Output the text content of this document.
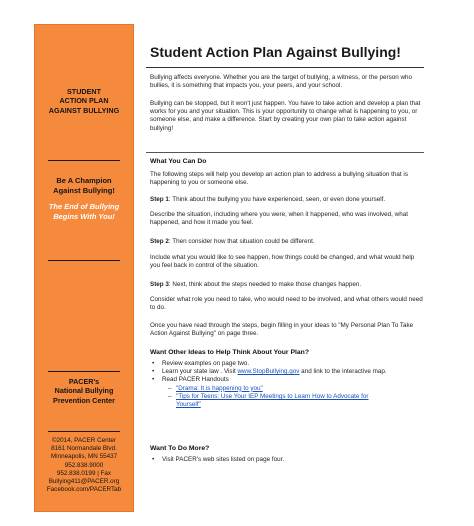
STUDENT
ACTION PLAN
AGAINST BULLYING
Be A Champion
Against Bullying!
The End of Bullying
Begins With You!
PACER's
National Bullying
Prevention Center
©2014, PACER Center
8161 Normandale Blvd.
Minneapolis, MN 55437
952.838.9000
952.838.0199 | Fax
Bullying411@PACER.org
Facebook.com/PACERTab
Student Action Plan Against Bullying!
Bullying affects everyone. Whether you are the target of bullying, a witness, or the person who bullies, it is something that impacts you, your peers, and your school.
Bullying can be stopped, but it won't just happen. You have to take action and develop a plan that works for you and your situation. This is your opportunity to change what is happening to you, or someone else, and make a difference. Start by creating your own plan to take action against bullying!
What You Can Do
The following steps will help you develop an action plan to address a bullying situation that is happening to you or someone else.
Step 1: Think about the bullying you have experienced, seen, or even done yourself.
Describe the situation, including where you were, when it happened, who was involved, what happened, and how it made you feel.
Step 2: Then consider how that situation could be different.
Include what you would like to see happen, how things could be changed, and what would help you feel back in control of the situation.
Step 3: Next, think about the steps needed to make those changes happen.
Consider what role you need to take, who would need to be involved, and what others would need to do.
Once you have read through the steps, begin filling in your ideas to "My Personal Plan To Take Action Against Bullying" on page three.
Want Other Ideas to Help Think About Your Plan?
• Review examples on page two.
• Learn your state law . Visit www.StopBullying.gov and link to the interactive map.
• Read PACER Handouts
– "Drama: It is happening to you"
– "Tips for Teens: Use Your IEP Meetings to Learn How to Advocate for
Yourself"
Want To Do More?
• Visit PACER's web sites listed on page four.
